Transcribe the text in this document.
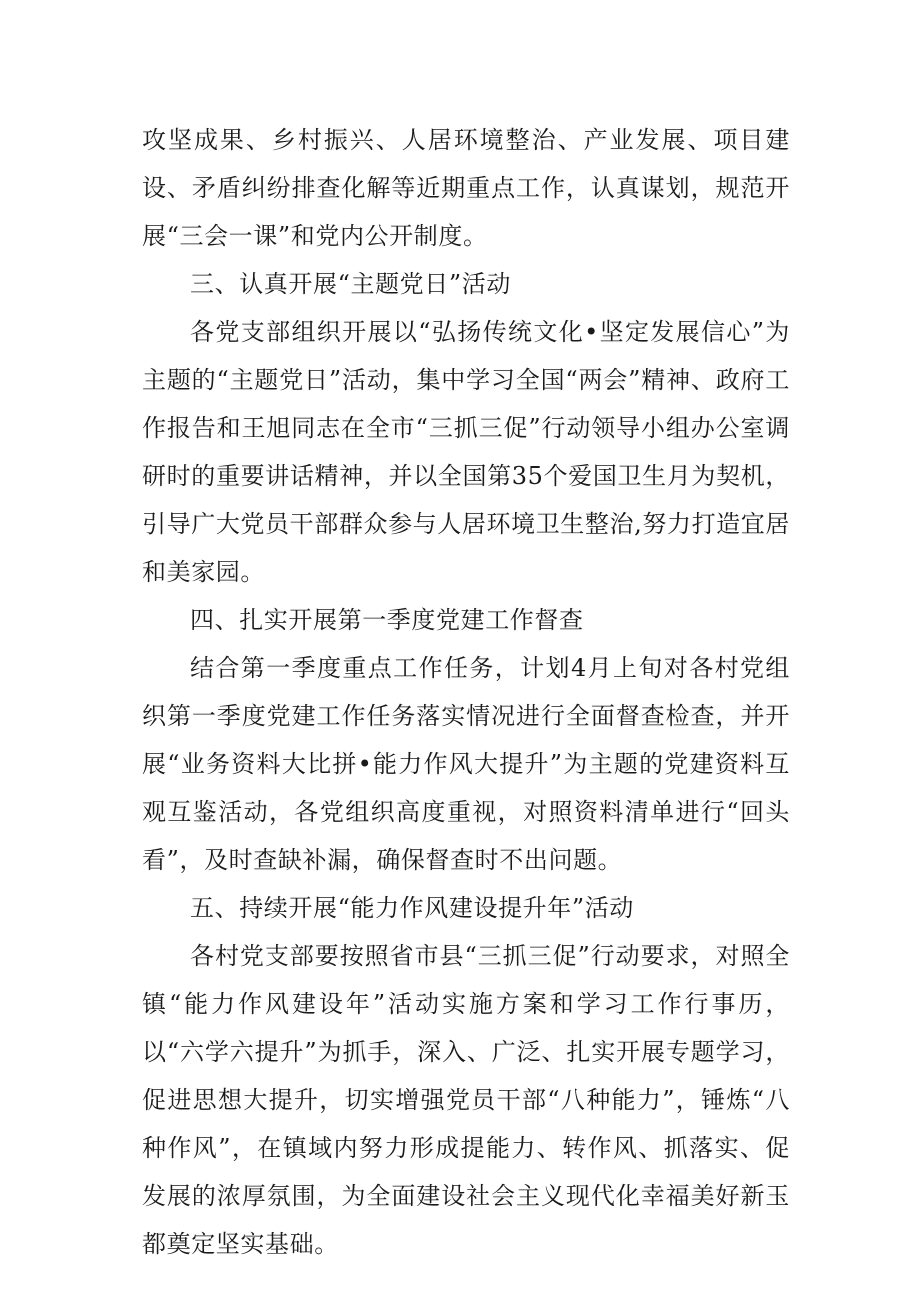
攻坚成果、乡村振兴、人居环境整治、产业发展、项目建设、矛盾纠纷排查化解等近期重点工作，认真谋划，规范开展“三会一课”和党内公开制度。

三、认真开展“主题党日”活动

各党支部组织开展以“弘扬传统文化•坚定发展信心”为主题的“主题党日”活动，集中学习全国“两会”精神、政府工作报告和王旭同志在全市“三抓三促”行动领导小组办公室调研时的重要讲话精神，并以全国第35个爱国卫生月为契机，引导广大党员干部群众参与人居环境卫生整治,努力打造宜居和美家园。

四、扎实开展第一季度党建工作督查

结合第一季度重点工作任务，计划4月上旬对各村党组织第一季度党建工作任务落实情况进行全面督查检查，并开展“业务资料大比拼•能力作风大提升”为主题的党建资料互观互鉴活动，各党组织高度重视，对照资料清单进行“回头看”，及时查缺补漏，确保督查时不出问题。

五、持续开展“能力作风建设提升年”活动

各村党支部要按照省市县“三抓三促”行动要求，对照全镇“能力作风建设年”活动实施方案和学习工作行事历，以“六学六提升”为抓手，深入、广泛、扎实开展专题学习，促进思想大提升，切实增强党员干部“八种能力”，锤炼“八种作风”，在镇域内努力形成提能力、转作风、抓落实、促发展的浓厚氛围，为全面建设社会主义现代化幸福美好新玉都奠定坚实基础。
